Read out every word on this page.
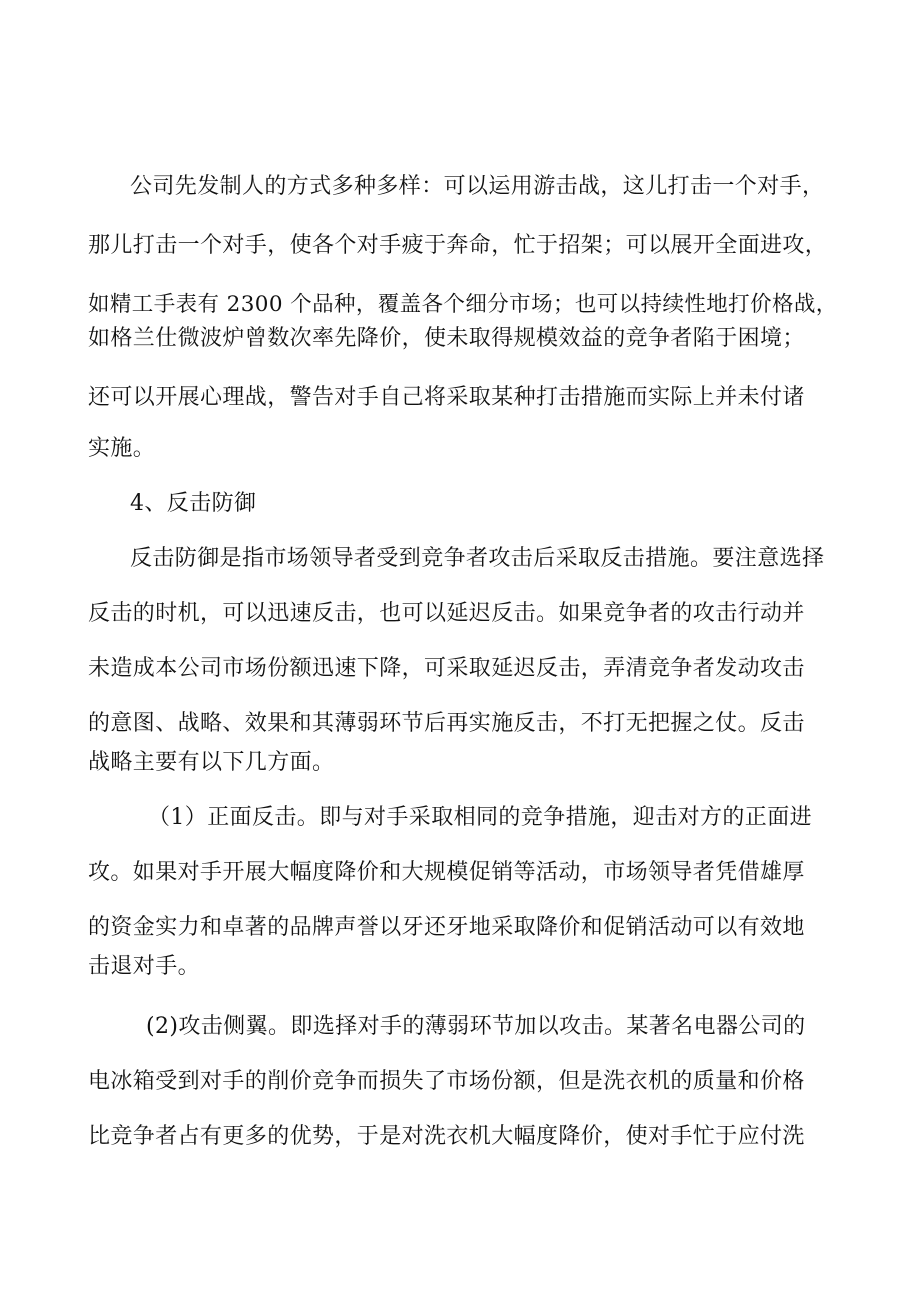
公司先发制人的方式多种多样：可以运用游击战，这儿打击一个对手，
那儿打击一个对手，使各个对手疲于奔命，忙于招架；可以展开全面进攻，
如精工手表有 2300 个品种，覆盖各个细分市场；也可以持续性地打价格战，
如格兰仕微波炉曾数次率先降价，使未取得规模效益的竞争者陷于困境；
还可以开展心理战，警告对手自己将采取某种打击措施而实际上并未付诸
实施。
4、反击防御
反击防御是指市场领导者受到竞争者攻击后采取反击措施。要注意选择
反击的时机，可以迅速反击，也可以延迟反击。如果竞争者的攻击行动并
未造成本公司市场份额迅速下降，可采取延迟反击，弄清竞争者发动攻击
的意图、战略、效果和其薄弱环节后再实施反击，不打无把握之仗。反击
战略主要有以下几方面。
（1）正面反击。即与对手采取相同的竞争措施，迎击对方的正面进
攻。如果对手开展大幅度降价和大规模促销等活动，市场领导者凭借雄厚
的资金实力和卓著的品牌声誉以牙还牙地采取降价和促销活动可以有效地
击退对手。
(2)攻击侧翼。即选择对手的薄弱环节加以攻击。某著名电器公司的
电冰箱受到对手的削价竞争而损失了市场份额，但是洗衣机的质量和价格
比竞争者占有更多的优势，于是对洗衣机大幅度降价，使对手忙于应付洗
